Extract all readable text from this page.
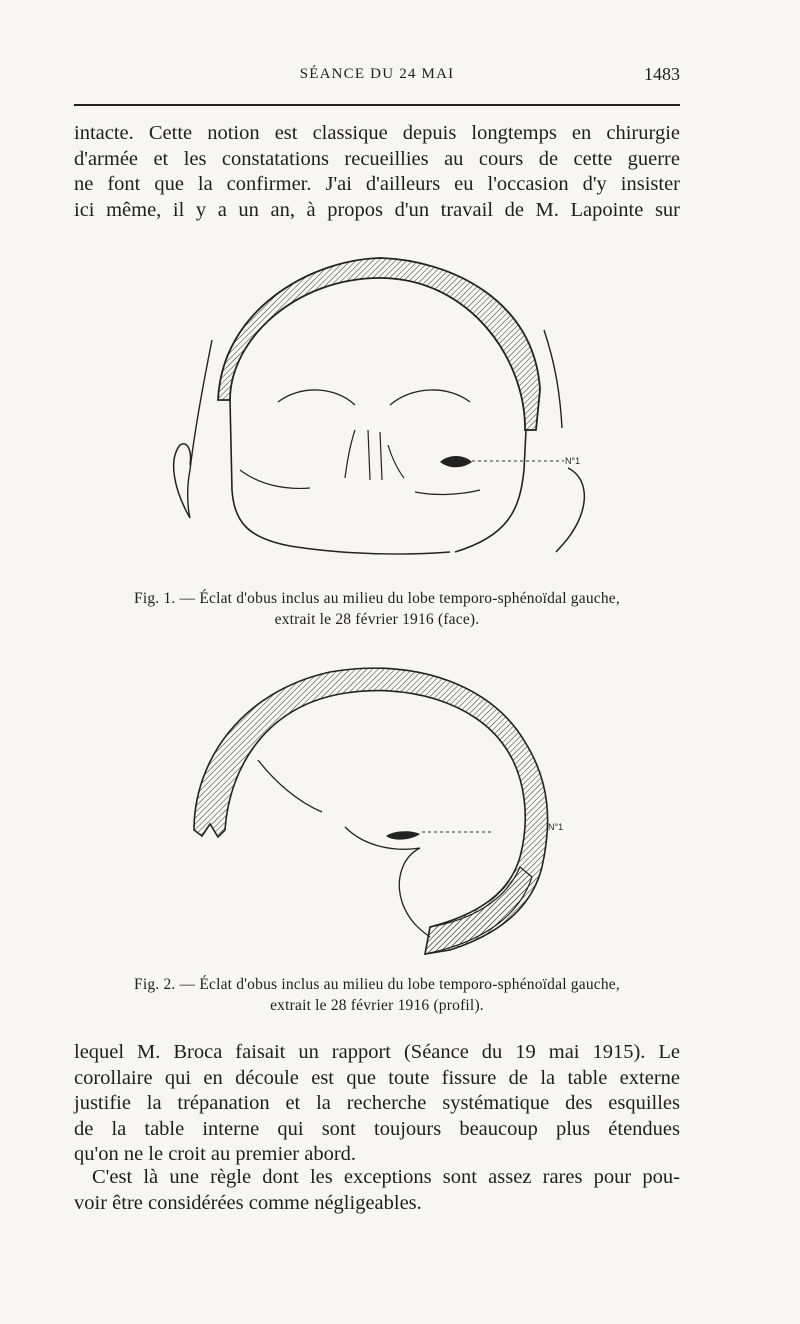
SÉANCE DU 24 MAI	1483
intacte. Cette notion est classique depuis longtemps en chirurgie
d'armée et les constatations recueillies au cours de cette guerre
ne font que la confirmer. J'ai d'ailleurs eu l'occasion d'y insister
ici même, il y a un an, à propos d'un travail de M. Lapointe sur
N°1
Fig. 1. — Éclat d'obus inclus au milieu du lobe temporo-sphénoïdal gauche,
extrait le 28 février 1916 (face).
N°1
Fig. 2. — Éclat d'obus inclus au milieu du lobe temporo-sphénoïdal gauche,
extrait le 28 février 1916 (profil).
lequel M. Broca faisait un rapport (Séance du 19 mai 1915). Le
corollaire qui en découle est que toute fissure de la table externe
justifie la trépanation et la recherche systématique des esquilles
de la table interne qui sont toujours beaucoup plus étendues
qu'on ne le croit au premier abord.
C'est là une règle dont les exceptions sont assez rares pour pou-
voir être considérées comme négligeables.
